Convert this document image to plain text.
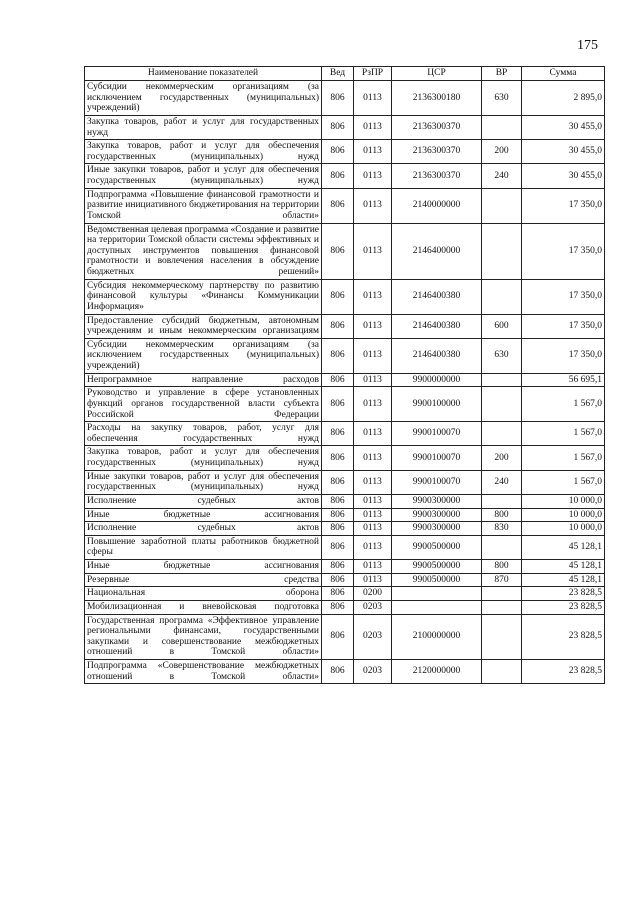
175
Наименование показателей	Вед	РзПР	ЦСР	ВР	Сумма
Субсидии некоммерческим организациям (за исключением государственных (муниципальных) учреждений)	806	0113	2136300180	630	2 895,0
Закупка товаров, работ и услуг для государственных нужд	806	0113	2136300370		30 455,0
Закупка товаров, работ и услуг для обеспечения государственных (муниципальных) нужд	806	0113	2136300370	200	30 455,0
Иные закупки товаров, работ и услуг для обеспечения государственных (муниципальных) нужд	806	0113	2136300370	240	30 455,0
Подпрограмма «Повышение финансовой грамотности и развитие инициативного бюджетирования на территории Томской области»	806	0113	2140000000		17 350,0
Ведомственная целевая программа «Создание и развитие на территории Томской области системы эффективных и доступных инструментов повышения финансовой грамотности и вовлечения населения в обсуждение бюджетных решений»	806	0113	2146400000		17 350,0
Субсидия некоммерческому партнерству по развитию финансовой культуры «Финансы Коммуникации Информация»	806	0113	2146400380		17 350,0
Предоставление субсидий бюджетным, автономным учреждениям и иным некоммерческим организациям	806	0113	2146400380	600	17 350,0
Субсидии некоммерческим организациям (за исключением государственных (муниципальных) учреждений)	806	0113	2146400380	630	17 350,0
Непрограммное направление расходов	806	0113	9900000000		56 695,1
Руководство и управление в сфере установленных функций органов государственной власти субъекта Российской Федерации	806	0113	9900100000		1 567,0
Расходы на закупку товаров, работ, услуг для обеспечения государственных нужд	806	0113	9900100070		1 567,0
Закупка товаров, работ и услуг для обеспечения государственных (муниципальных) нужд	806	0113	9900100070	200	1 567,0
Иные закупки товаров, работ и услуг для обеспечения государственных (муниципальных) нужд	806	0113	9900100070	240	1 567,0
Исполнение судебных актов	806	0113	9900300000		10 000,0
Иные бюджетные ассигнования	806	0113	9900300000	800	10 000,0
Исполнение судебных актов	806	0113	9900300000	830	10 000,0
Повышение заработной платы работников бюджетной сферы	806	0113	9900500000		45 128,1
Иные бюджетные ассигнования	806	0113	9900500000	800	45 128,1
Резервные средства	806	0113	9900500000	870	45 128,1
Национальная оборона	806	0200			23 828,5
Мобилизационная и вневойсковая подготовка	806	0203			23 828,5
Государственная программа «Эффективное управление региональными финансами, государственными закупками и совершенствование межбюджетных отношений в Томской области»	806	0203	2100000000		23 828,5
Подпрограмма «Совершенствование межбюджетных отношений в Томской области»	806	0203	2120000000		23 828,5
